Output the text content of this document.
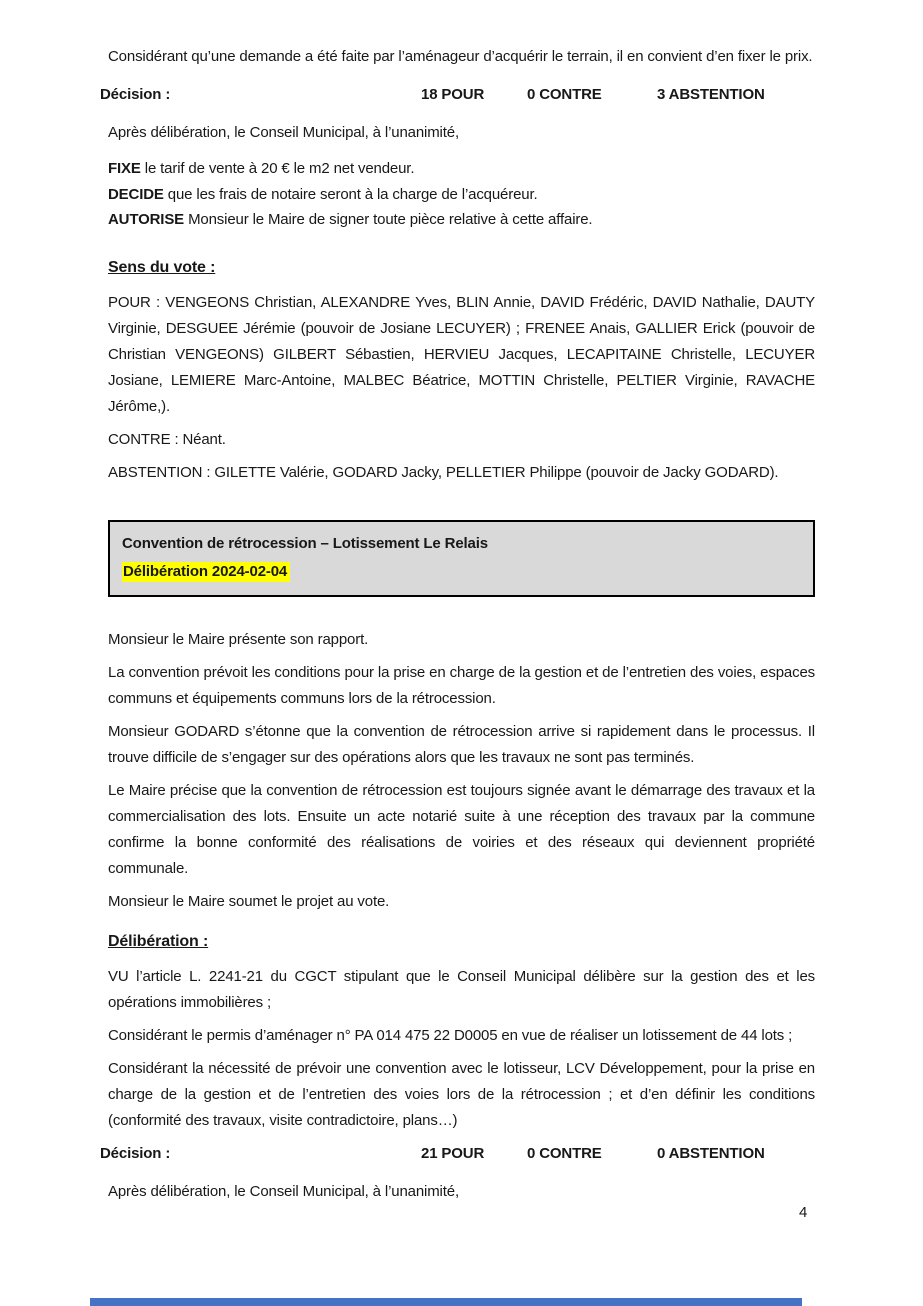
Considérant qu’une demande a été faite par l’aménageur d’acquérir le terrain, il en convient d’en fixer le prix.

Décision :	18 POUR	0 CONTRE	3 ABSTENTION

Après délibération, le Conseil Municipal, à l’unanimité,

FIXE le tarif de vente à 20 € le m2 net vendeur.

DECIDE que les frais de notaire seront à la charge de l’acquéreur.

AUTORISE Monsieur le Maire de signer toute pièce relative à cette affaire.

Sens du vote :

POUR : VENGEONS Christian, ALEXANDRE Yves, BLIN Annie, DAVID Frédéric, DAVID Nathalie, DAUTY Virginie, DESGUEE Jérémie (pouvoir de Josiane LECUYER) ; FRENEE Anais, GALLIER Erick (pouvoir de Christian VENGEONS) GILBERT Sébastien, HERVIEU Jacques, LECAPITAINE Christelle, LECUYER Josiane, LEMIERE Marc-Antoine, MALBEC Béatrice, MOTTIN Christelle, PELTIER Virginie, RAVACHE Jérôme,).

CONTRE : Néant.

ABSTENTION : GILETTE Valérie, GODARD Jacky, PELLETIER Philippe (pouvoir de Jacky GODARD).

Convention de rétrocession – Lotissement Le Relais

Délibération 2024-02-04

Monsieur le Maire présente son rapport.

La convention prévoit les conditions pour la prise en charge de la gestion et de l’entretien des voies, espaces communs et équipements communs lors de la rétrocession.

Monsieur GODARD s’étonne que la convention de rétrocession arrive si rapidement dans le processus. Il trouve difficile de s’engager sur des opérations alors que les travaux ne sont pas terminés.

Le Maire précise que la convention de rétrocession est toujours signée avant le démarrage des travaux et la commercialisation des lots. Ensuite un acte notarié suite à une réception des travaux par la commune confirme la bonne conformité des réalisations de voiries et des réseaux qui deviennent propriété communale.

Monsieur le Maire soumet le projet au vote.

Délibération :

VU l’article L. 2241-21 du CGCT stipulant que le Conseil Municipal délibère sur la gestion des et les opérations immobilières ;

Considérant le permis d’aménager n° PA 014 475 22 D0005 en vue de réaliser un lotissement de 44 lots ;

Considérant la nécessité de prévoir une convention avec le lotisseur, LCV Développement, pour la prise en charge de la gestion et de l’entretien des voies lors de la rétrocession ; et d’en définir les conditions (conformité des travaux, visite contradictoire, plans…)

Décision :	21 POUR	0 CONTRE	0 ABSTENTION

Après délibération, le Conseil Municipal, à l’unanimité,

4
